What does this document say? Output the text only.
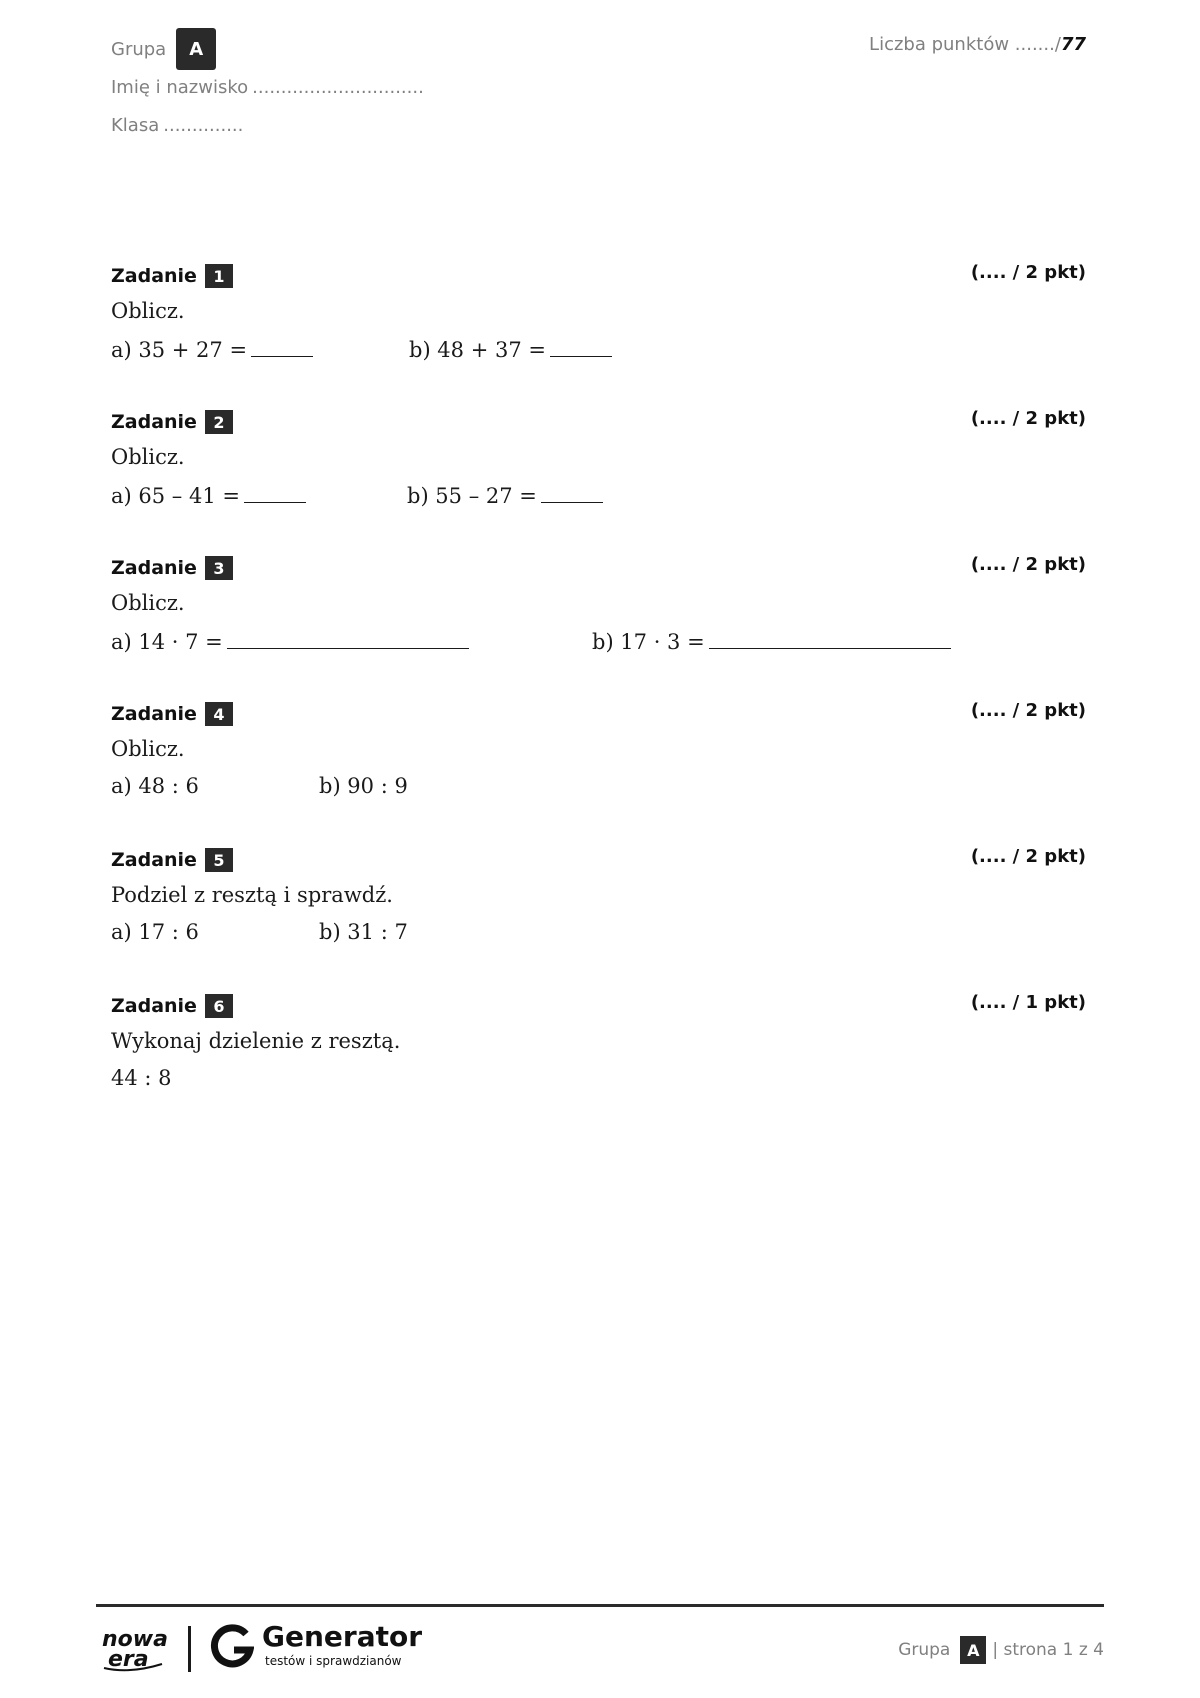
Grupa	A
Imię i nazwisko ..............................
Klasa ..............
Liczba punktów ......./77
Zadanie	1	(.... / 2 pkt)
Oblicz.
a) 35 + 27 =	b) 48 + 37 =
Zadanie	2	(.... / 2 pkt)
Oblicz.
a) 65 – 41 =	b) 55 – 27 =
Zadanie	3	(.... / 2 pkt)
Oblicz.
a) 14 · 7 =	b) 17 · 3 =
Zadanie	4	(.... / 2 pkt)
Oblicz.
a) 48 : 6	b) 90 : 9
Zadanie	5	(.... / 2 pkt)
Podziel z resztą i sprawdź.
a) 17 : 6	b) 31 : 7
Zadanie	6	(.... / 1 pkt)
Wykonaj dzielenie z resztą.
44 : 8
nowa
era
Generator
testów i sprawdzianów
Grupa	A | strona 1 z 4
